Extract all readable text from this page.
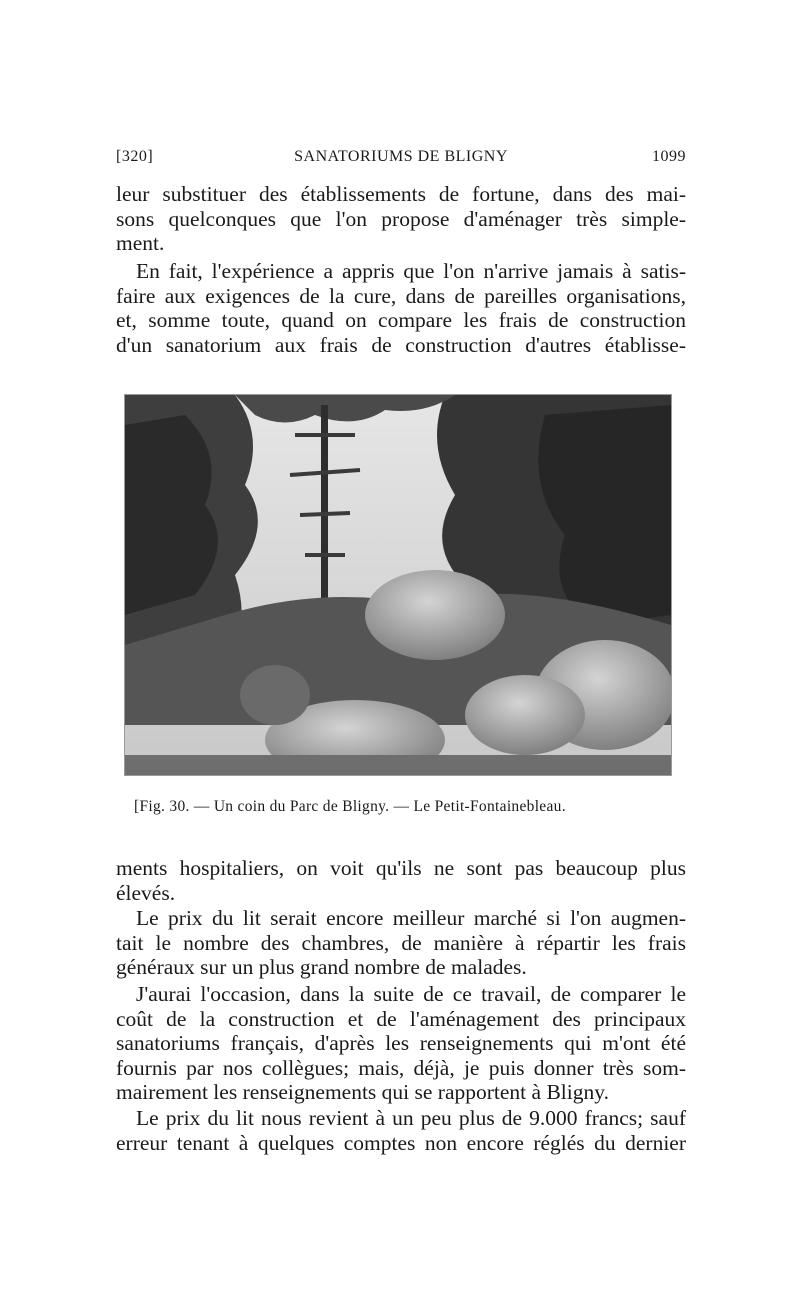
[320]	SANATORIUMS DE BLIGNY	1099

leur substituer des établissements de fortune, dans des mai-
sons quelconques que l'on propose d'aménager très simple-
ment.

En fait, l'expérience a appris que l'on n'arrive jamais à satis-
faire aux exigences de la cure, dans de pareilles organisations,
et, somme toute, quand on compare les frais de construction
d'un sanatorium aux frais de construction d'autres établisse-

[Fig. 30. — Un coin du Parc de Bligny. — Le Petit-Fontainebleau.

ments hospitaliers, on voit qu'ils ne sont pas beaucoup plus
élevés.

Le prix du lit serait encore meilleur marché si l'on augmen-
tait le nombre des chambres, de manière à répartir les frais
généraux sur un plus grand nombre de malades.

J'aurai l'occasion, dans la suite de ce travail, de comparer le
coût de la construction et de l'aménagement des principaux
sanatoriums français, d'après les renseignements qui m'ont été
fournis par nos collègues; mais, déjà, je puis donner très som-
mairement les renseignements qui se rapportent à Bligny.

Le prix du lit nous revient à un peu plus de 9.000 francs; sauf
erreur tenant à quelques comptes non encore réglés du dernier
